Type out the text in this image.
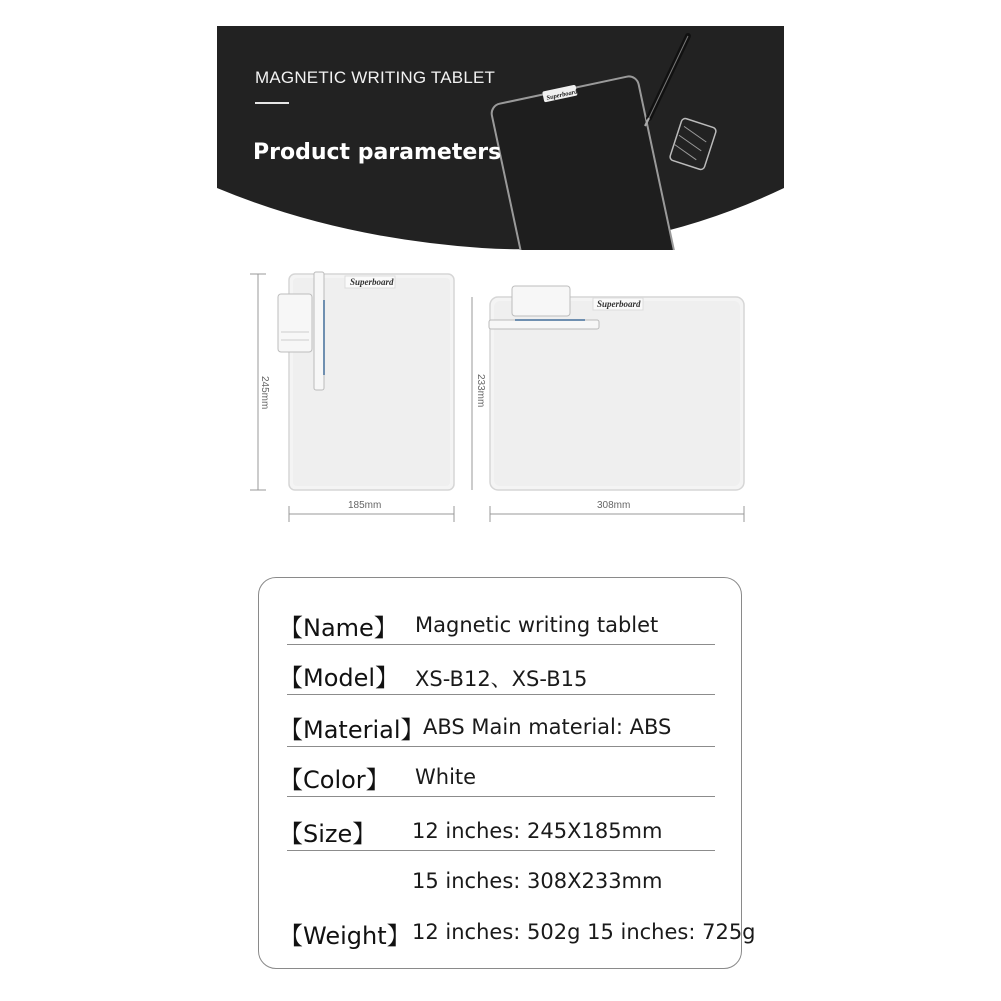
Superboard
MAGNETIC WRITING TABLET
Product parameters
Superboard
Superboard
245mm
185mm
233mm
308mm
【Name】 Magnetic writing tablet
【Model】 XS-B12、XS-B15
【Material】
ABS Main material: ABS
【Color】 White
【Size】 12 inches: 245X185mm
15 inches: 308X233mm
【Weight】 12 inches: 502g 15 inches: 725g
